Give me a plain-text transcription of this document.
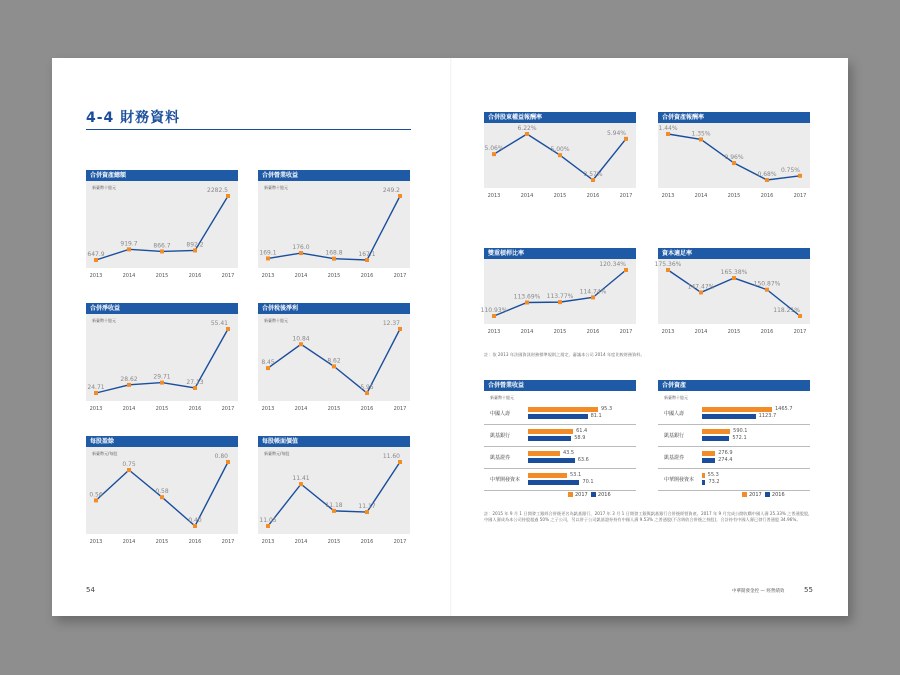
4-4 財務資料
合併資產總額
新臺幣十億元
647.9
2013
919.7
2014
866.7
2015
892.2
2016
2282.5
2017
合併營業收益
新臺幣十億元
169.1
2013
176.0
2014
168.8
2015
167.1
2016
249.2
2017
合併淨收益
新臺幣十億元
24.71
2013
28.62
2014
29.71
2015
27.13
2016
55.41
2017
合併稅後淨利
新臺幣十億元
8.45
2013
10.84
2014
8.62
2015
5.95
2016
12.37
2017
每股盈餘
新臺幣元/每股
0.56
2013
0.75
2014
0.58
2015
0.40
2016
0.80
2017
每股帳面價值
新臺幣元/每股
11.05
2013
11.41
2014
11.18
2015
11.17
2016
11.60
2017
合併股東權益報酬率
5.06%
2013
6.22%
2014
5.00%
2015
3.57%
2016
5.94%
2017
合併資產報酬率
1.44%
2013
1.35%
2014
0.96%
2015
0.68%
2016
0.75%
2017
雙重槓桿比率
110.93%
2013
113.69%
2014
113.77%
2015
114.74%
2016
120.34%
2017
資本適足率
175.36%
2013
147.47%
2014
165.38%
2015
150.87%
2016
118.21%
2017
註：依 2013 年法國資訊財務標準規則之規定，審議本公司 2014 年度比較財務資料。
合併營業收益
新臺幣十億元
中國人壽
95.3
81.1
凱基銀行
61.4
58.9
凱基證券
43.5
63.6
中華開發資本
53.1
70.1
2017 2016
合併資產
新臺幣十億元
中國人壽
1465.7
1123.7
凱基銀行
590.1
572.1
凱基證券
276.9
274.4
中華開發資本
55.3
73.2
2017 2016
註：2015 年 9 月 1 日開發工銀經合併後更名為凱基銀行，2017 年 3 月 1 日開發工銀與凱基銀行合併後經營資產。2017 年 9 月完成公開收購中國人壽 25.33% 之普通股股，中國人壽成為本公司持股超過 50% 之子公司，另以併子公司凱基證券持有中國人壽 9.53% 之普通股(不含吸收合併後之持股)，合計持有中國人壽已發行普通股 34.96%。
54	55
中華開發金控 — 經營績效
